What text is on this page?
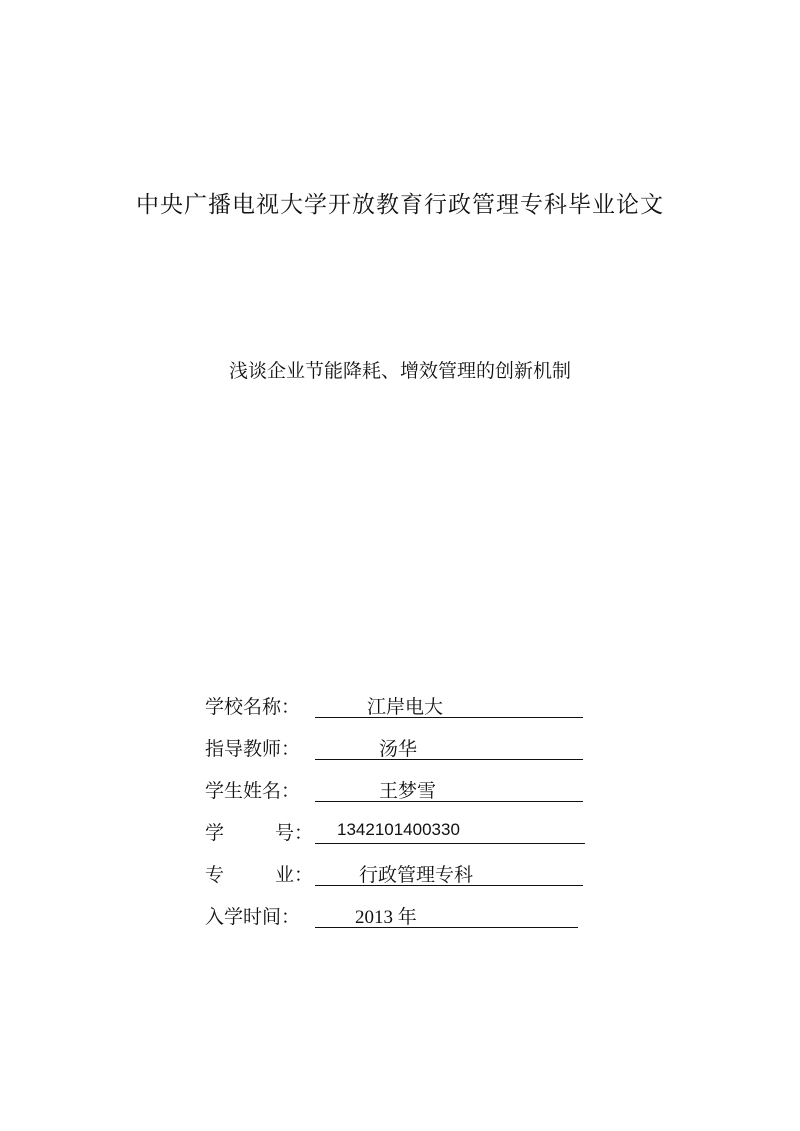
中央广播电视大学开放教育行政管理专科毕业论文
浅谈企业节能降耗、增效管理的创新机制
学校名称：	江岸电大
指导教师：	汤华
学生姓名：	王梦雪
学	号： 1342101400330
专	业： 行政管理专科
入学时间：	2013 年
